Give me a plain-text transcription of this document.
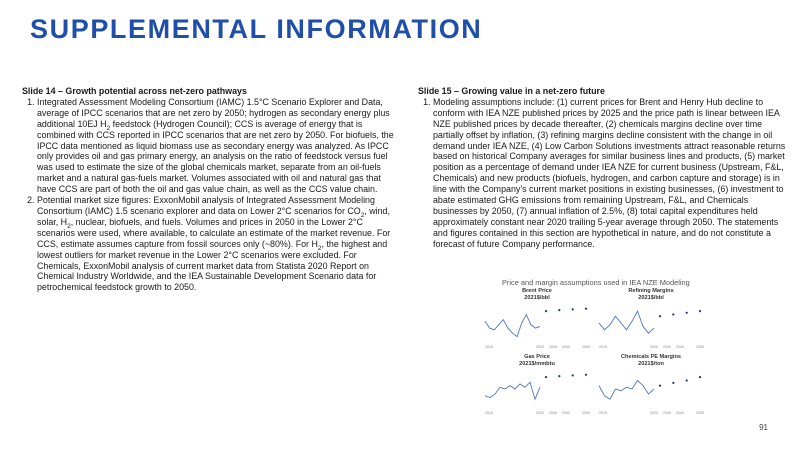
SUPPLEMENTAL INFORMATION
Slide 14 – Growth potential across net-zero pathways
1. Integrated Assessment Modeling Consortium (IAMC) 1.5°C Scenario Explorer and Data, average of IPCC scenarios that are net zero by 2050; hydrogen as secondary energy plus additional 10EJ $H_2$ feedstock (Hydrogen Council); CCS is average of energy that is combined with CCS reported in IPCC scenarios that are net zero by 2050. For biofuels, the IPCC data mentioned as liquid biomass use as secondary energy was analyzed. As IPCC only provides oil and gas primary energy, an analysis on the ratio of feedstock versus fuel was used to estimate the size of the global chemicals market, separate from an oil-fuels market and a natural gas-fuels market. Volumes associated with oil and natural gas that have CCS are part of both the oil and gas value chain, as well as the CCS value chain.
2. Potential market size figures: ExxonMobil analysis of Integrated Assessment Modeling Consortium (IAMC) 1.5 scenario explorer and data on Lower 2°C scenarios for $CO_2$, wind, solar, $H_2$, nuclear, biofuels, and fuels. Volumes and prices in 2050 in the Lower 2°C scenarios were used, where available, to calculate an estimate of the market revenue. For CCS, estimate assumes capture from fossil sources only (~80%). For $H_2$, the highest and lowest outliers for market revenue in the Lower 2°C scenarios were excluded. For Chemicals, ExxonMobil analysis of current market data from Statista 2020 Report on Chemical Industry Worldwide, and the IEA Sustainable Development Scenario data for petrochemical feedstock growth to 2050.
Slide 15 – Growing value in a net-zero future
1. Modeling assumptions include: (1) current prices for Brent and Henry Hub decline to conform with IEA NZE published prices by 2025 and the price path is linear between IEA NZE published prices by decade thereafter, (2) chemicals margins decline over time partially offset by inflation, (3) refining margins decline consistent with the change in oil demand under IEA NZE, (4) Low Carbon Solutions investments attract reasonable returns based on historical Company averages for similar business lines and products, (5) market position as a percentage of demand under IEA NZE for current business (Upstream, F&L, Chemicals) and new products (biofuels, hydrogen, and carbon capture and storage) is in line with the Company’s current market positions in existing businesses, (6) investment to abate estimated GHG emissions from remaining Upstream, F&L, and Chemicals businesses by 2050, (7) annual inflation of 2.5%, (8) total capital expenditures held approximately constant near 2020 trailing 5-year average through 2050. The statements and figures contained in this section are hypothetical in nature, and do not constitute a forecast of future Company performance.
Price and margin assumptions used in IEA NZE Modeling
Brent Price
2021$/bbl
2015	2020 2030 2040	2050
Refining Margins
2021$/bbl
2015	2020 2030 2040	2050
Gas Price
2021$/mmbtu
2015	2020 2030 2040	2050
Chemicals PE Margins
2021$/ton
2015	2020 2030 2040	2050
91
